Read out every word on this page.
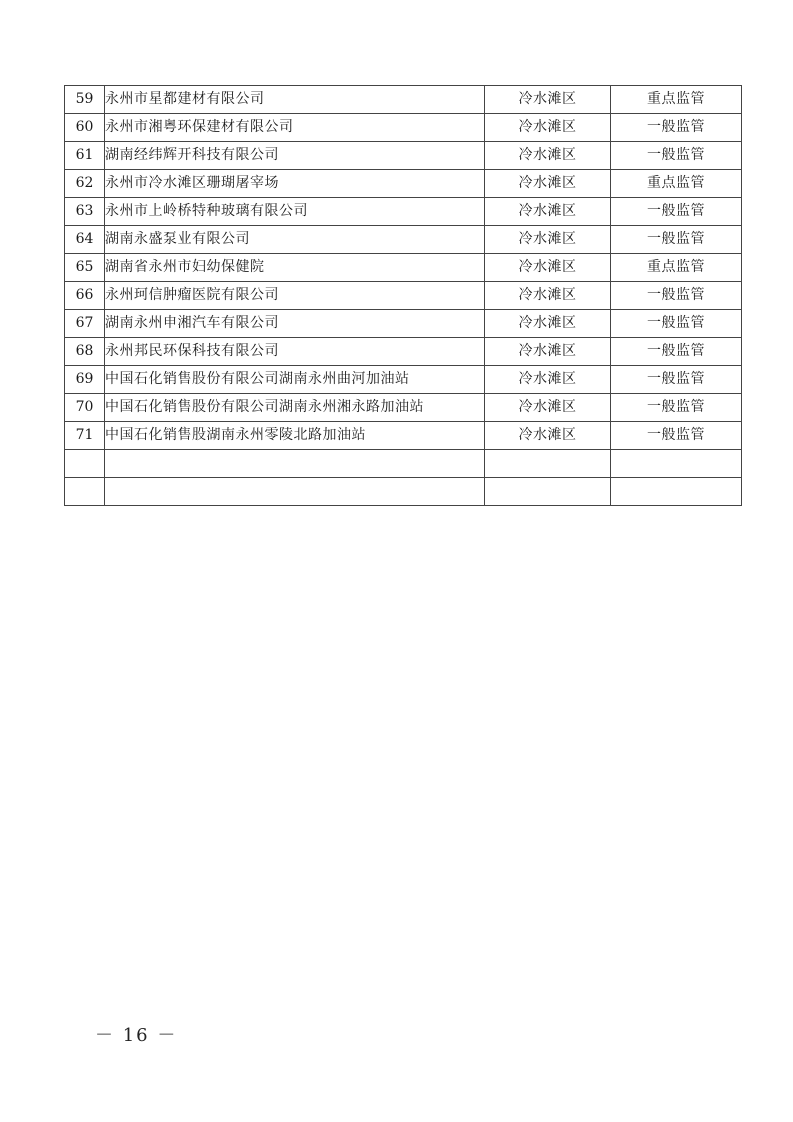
59	永州市星都建材有限公司	冷水滩区	重点监管
60	永州市湘粤环保建材有限公司	冷水滩区	一般监管
61	湖南经纬辉开科技有限公司	冷水滩区	一般监管
62	永州市冷水滩区珊瑚屠宰场	冷水滩区	重点监管
63	永州市上岭桥特种玻璃有限公司	冷水滩区	一般监管
64	湖南永盛泵业有限公司	冷水滩区	一般监管
65	湖南省永州市妇幼保健院	冷水滩区	重点监管
66	永州珂信肿瘤医院有限公司	冷水滩区	一般监管
67	湖南永州申湘汽车有限公司	冷水滩区	一般监管
68	永州邦民环保科技有限公司	冷水滩区	一般监管
69	中国石化销售股份有限公司湖南永州曲河加油站	冷水滩区	一般监管
70	中国石化销售股份有限公司湖南永州湘永路加油站	冷水滩区	一般监管
71	中国石化销售股湖南永州零陵北路加油站	冷水滩区	一般监管

－ 16 －
